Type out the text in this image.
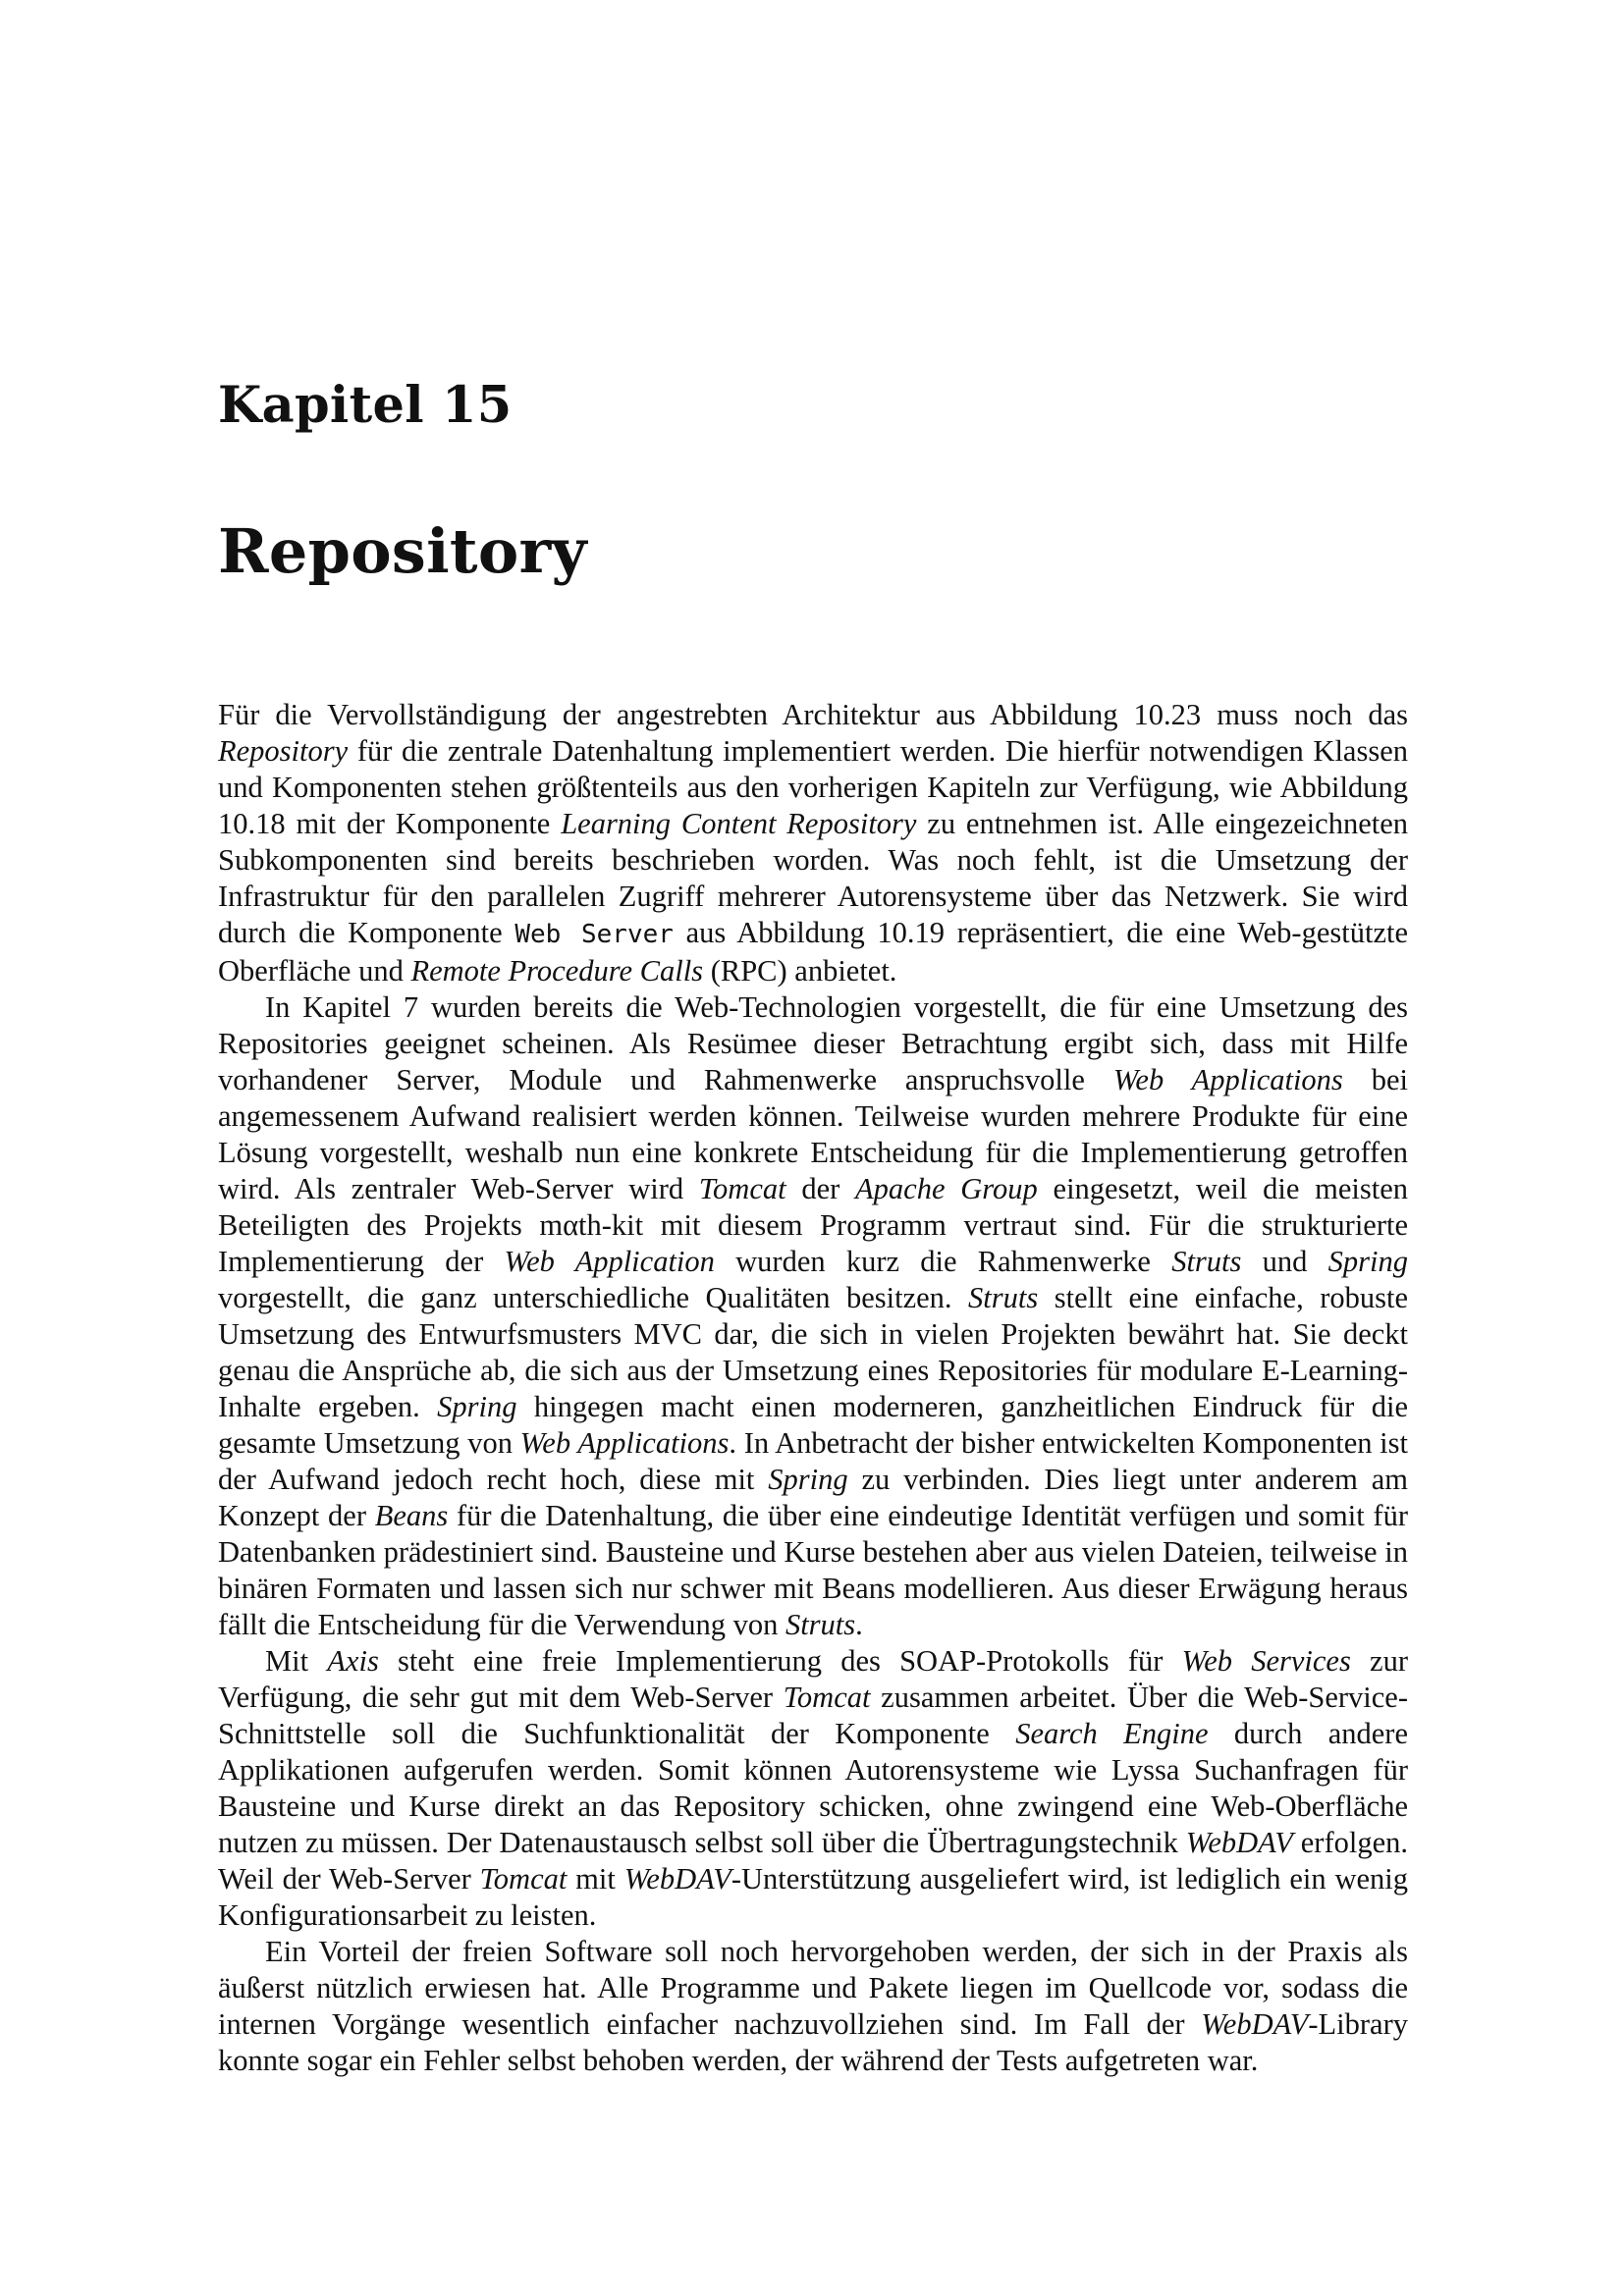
Kapitel 15
Repository

Für die Vervollständigung der angestrebten Architektur aus Abbildung 10.23 muss noch das Repository für die zentrale Datenhaltung implementiert werden. Die hierfür notwendigen Klassen und Komponenten stehen größtenteils aus den vorherigen Kapiteln zur Verfügung, wie Abbildung 10.18 mit der Komponente Learning Content Repository zu entnehmen ist. Alle eingezeichneten Subkomponenten sind bereits beschrieben worden. Was noch fehlt, ist die Umsetzung der Infrastruktur für den parallelen Zugriff mehrerer Autorensysteme über das Netzwerk. Sie wird durch die Komponente Web Server aus Abbildung 10.19 repräsentiert, die eine Web-gestützte Oberfläche und Remote Procedure Calls (RPC) anbietet.

In Kapitel 7 wurden bereits die Web-Technologien vorgestellt, die für eine Umsetzung des Repositories geeignet scheinen. Als Resümee dieser Betrachtung ergibt sich, dass mit Hilfe vorhandener Server, Module und Rahmenwerke anspruchsvolle Web Applications bei angemessenem Aufwand realisiert werden können. Teilweise wurden mehrere Produkte für eine Lösung vorgestellt, weshalb nun eine konkrete Entscheidung für die Implementierung getroffen wird. Als zentraler Web-Server wird Tomcat der Apache Group eingesetzt, weil die meisten Beteiligten des Projekts mαth-kit mit diesem Programm vertraut sind. Für die strukturierte Implementierung der Web Application wurden kurz die Rahmenwerke Struts und Spring vorgestellt, die ganz unterschiedliche Qualitäten besitzen. Struts stellt eine einfache, robuste Umsetzung des Entwurfsmusters MVC dar, die sich in vielen Projekten bewährt hat. Sie deckt genau die Ansprüche ab, die sich aus der Umsetzung eines Repositories für modulare E-Learning-Inhalte ergeben. Spring hingegen macht einen moderneren, ganzheitlichen Eindruck für die gesamte Umsetzung von Web Applications. In Anbetracht der bisher entwickelten Komponenten ist der Aufwand jedoch recht hoch, diese mit Spring zu verbinden. Dies liegt unter anderem am Konzept der Beans für die Datenhaltung, die über eine eindeutige Identität verfügen und somit für Datenbanken prädestiniert sind. Bausteine und Kurse bestehen aber aus vielen Dateien, teilweise in binären Formaten und lassen sich nur schwer mit Beans modellieren. Aus dieser Erwägung heraus fällt die Entscheidung für die Verwendung von Struts.

Mit Axis steht eine freie Implementierung des SOAP-Protokolls für Web Services zur Verfügung, die sehr gut mit dem Web-Server Tomcat zusammen arbeitet. Über die Web-Service-Schnittstelle soll die Suchfunktionalität der Komponente Search Engine durch andere Applikationen aufgerufen werden. Somit können Autorensysteme wie Lyssa Suchanfragen für Bausteine und Kurse direkt an das Repository schicken, ohne zwingend eine Web-Oberfläche nutzen zu müssen. Der Datenaustausch selbst soll über die Übertragungstechnik WebDAV erfolgen. Weil der Web-Server Tomcat mit WebDAV-Unterstützung ausgeliefert wird, ist lediglich ein wenig Konfigurationsarbeit zu leisten.

Ein Vorteil der freien Software soll noch hervorgehoben werden, der sich in der Praxis als äußerst nützlich erwiesen hat. Alle Programme und Pakete liegen im Quellcode vor, sodass die internen Vorgänge wesentlich einfacher nachzuvollziehen sind. Im Fall der WebDAV-Library konnte sogar ein Fehler selbst behoben werden, der während der Tests aufgetreten war.
